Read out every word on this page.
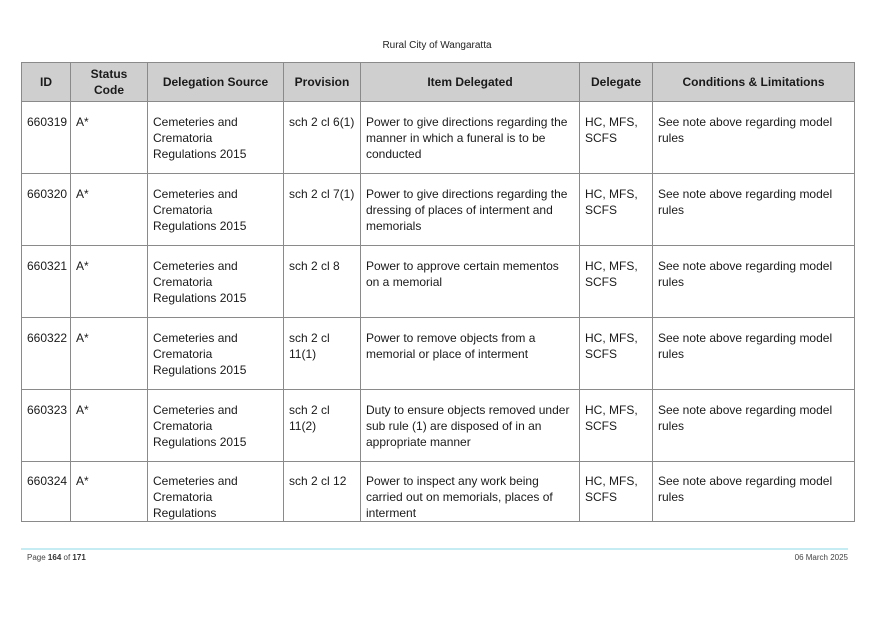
Rural City of Wangaratta
ID	Status Code	Delegation Source	Provision	Item Delegated	Delegate	Conditions & Limitations
660319	A*	Cemeteries and Crematoria Regulations 2015	sch 2 cl 6(1)	Power to give directions regarding the manner in which a funeral is to be conducted	HC, MFS, SCFS	See note above regarding model rules
660320	A*	Cemeteries and Crematoria Regulations 2015	sch 2 cl 7(1)	Power to give directions regarding the dressing of places of interment and memorials	HC, MFS, SCFS	See note above regarding model rules
660321	A*	Cemeteries and Crematoria Regulations 2015	sch 2 cl 8	Power to approve certain mementos on a memorial	HC, MFS, SCFS	See note above regarding model rules
660322	A*	Cemeteries and Crematoria Regulations 2015	sch 2 cl 11(1)	Power to remove objects from a memorial or place of interment	HC, MFS, SCFS	See note above regarding model rules
660323	A*	Cemeteries and Crematoria Regulations 2015	sch 2 cl 11(2)	Duty to ensure objects removed under sub rule (1) are disposed of in an appropriate manner	HC, MFS, SCFS	See note above regarding model rules
660324	A*	Cemeteries and Crematoria Regulations	sch 2 cl 12	Power to inspect any work being carried out on memorials, places of interment	HC, MFS, SCFS	See note above regarding model rules
Page 164 of 171	06 March 2025
